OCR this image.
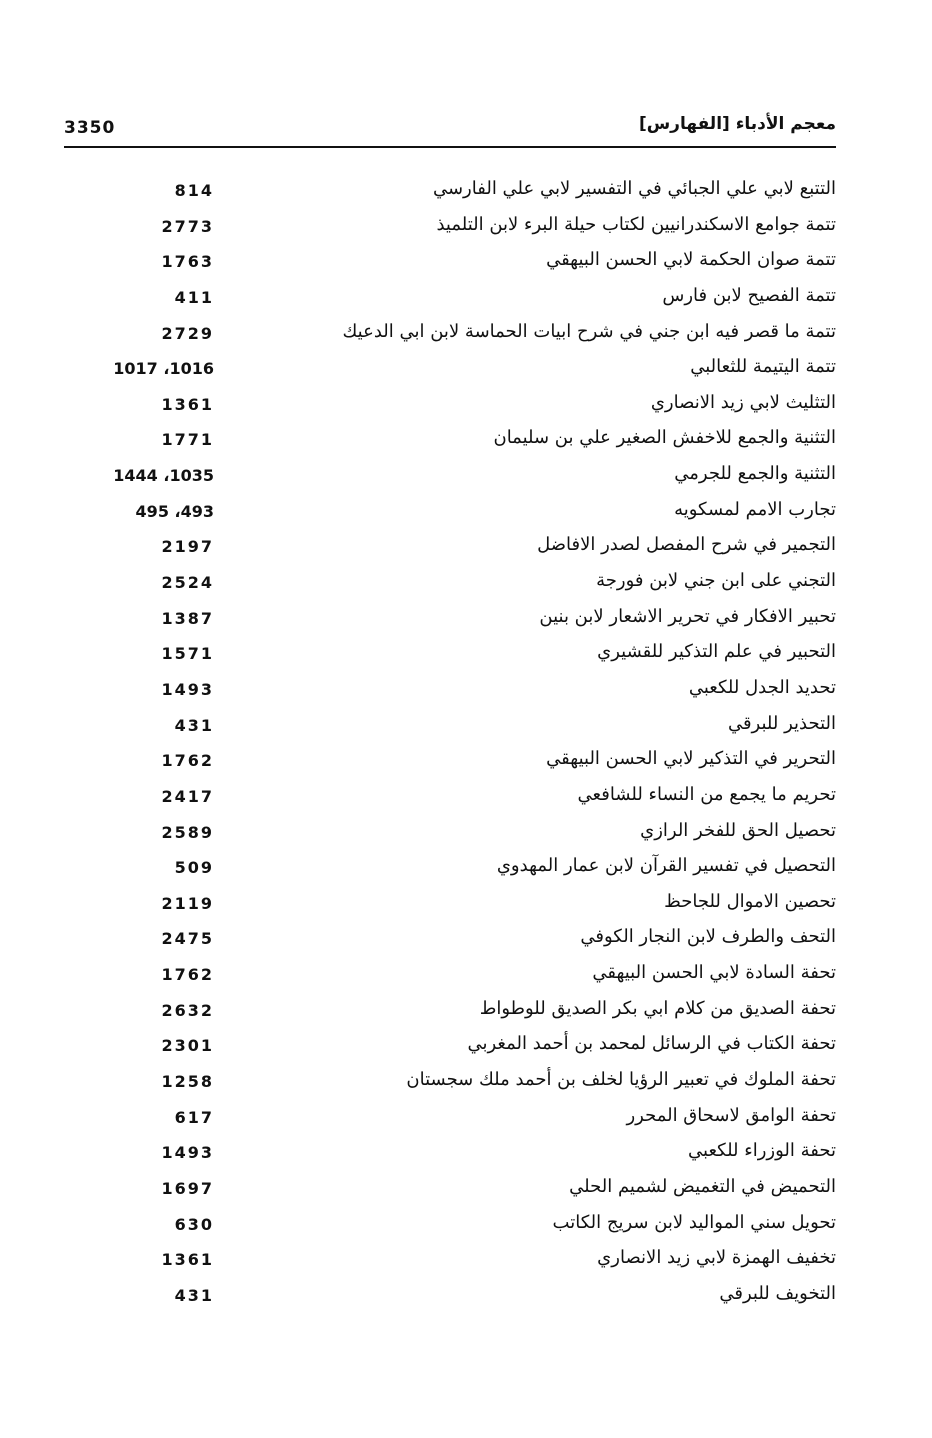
3350	معجم الأدباء [الفهارس]
التتبع لابي علي الجبائي في التفسير لابي علي الفارسي
814
تتمة جوامع الاسكندرانيين لكتاب حيلة البرء لابن التلميذ
2773
تتمة صوان الحكمة لابي الحسن البيهقي
1763
تتمة الفصيح لابن فارس
411
تتمة ما قصر فيه ابن جني في شرح ابيات الحماسة لابن ابي الدعيك
2729
تتمة اليتيمة للثعالبي
1017 ،1016
التثليث لابي زيد الانصاري
1361
التثنية والجمع للاخفش الصغير علي بن سليمان
1771
التثنية والجمع للجرمي
1444 ،1035
تجارب الامم لمسكويه
495 ،493
التجمير في شرح المفصل لصدر الافاضل
2197
التجني على ابن جني لابن فورجة
2524
تحبير الافكار في تحرير الاشعار لابن بنين
1387
التحبير في علم التذكير للقشيري
1571
تحديد الجدل للكعبي
1493
التحذير للبرقي
431
التحرير في التذكير لابي الحسن البيهقي
1762
تحريم ما يجمع من النساء للشافعي
2417
تحصيل الحق للفخر الرازي
2589
التحصيل في تفسير القرآن لابن عمار المهدوي
509
تحصين الاموال للجاحظ
2119
التحف والطرف لابن النجار الكوفي
2475
تحفة السادة لابي الحسن البيهقي
1762
تحفة الصديق من كلام ابي بكر الصديق للوطواط
2632
تحفة الكتاب في الرسائل لمحمد بن أحمد المغربي
2301
تحفة الملوك في تعبير الرؤيا لخلف بن أحمد ملك سجستان
1258
تحفة الوامق لاسحاق المحرر
617
تحفة الوزراء للكعبي
1493
التحميض في التغميض لشميم الحلي
1697
تحويل سني المواليد لابن سريج الكاتب
630
تخفيف الهمزة لابي زيد الانصاري
1361
التخويف للبرقي
431
